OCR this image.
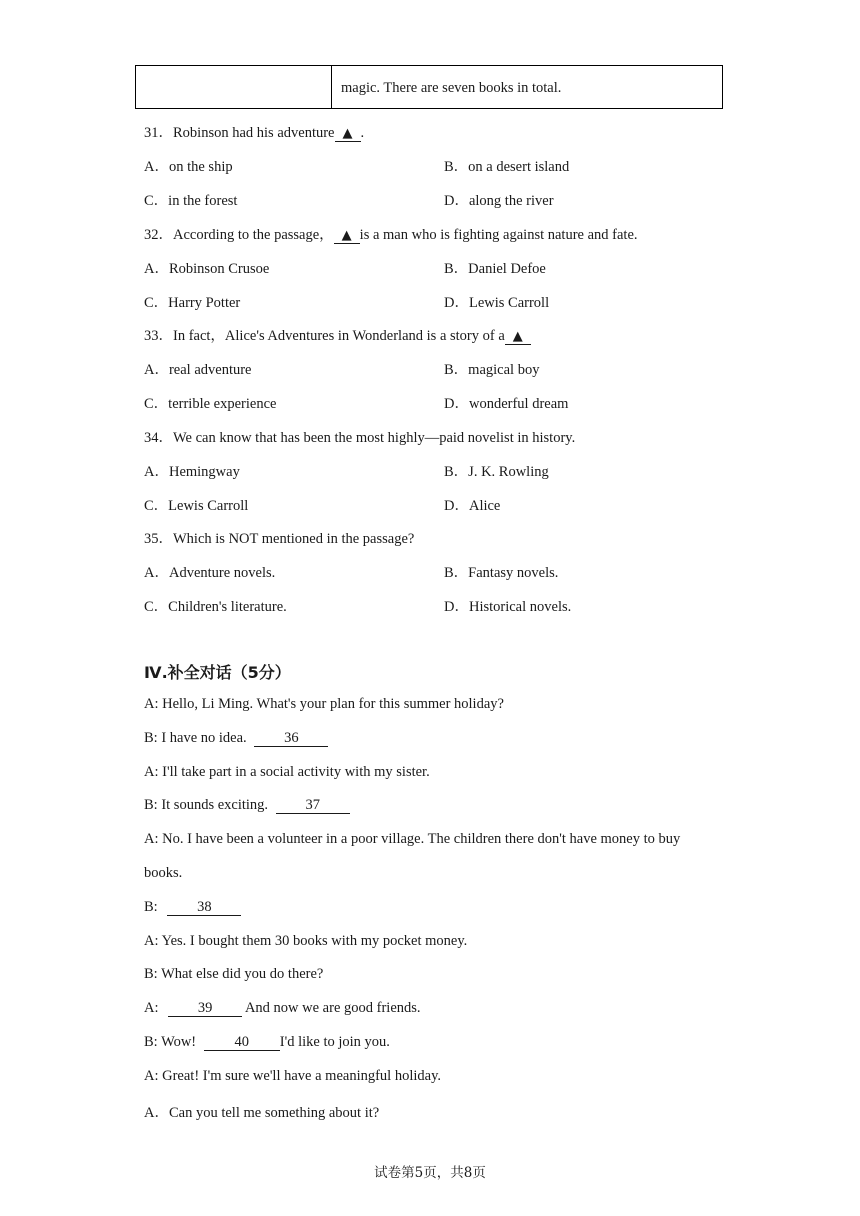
magic. There are seven books in total.
31．Robinson had his adventure ▲ .
A．on the ship	B．on a desert island
C．in the forest	D．along the river
32．According to the passage， ▲ is a man who is fighting against nature and fate.
A．Robinson Crusoe	B．Daniel Defoe
C．Harry Potter	D．Lewis Carroll
33．In fact，Alice's Adventures in Wonderland is a story of a ▲
A．real adventure	B．magical boy
C．terrible experience	D．wonderful dream
34．We can know that has been the most highly—paid novelist in history.
A．Hemingway	B．J. K. Rowling
C．Lewis Carroll	D．Alice
35．Which is NOT mentioned in the passage?
A．Adventure novels.	B．Fantasy novels.
C．Children's literature.	D．Historical novels.
Ⅳ.补全对话（5分）
A: Hello, Li Ming. What's your plan for this summer holiday?
B: I have no idea.	36
A: I'll take part in a social activity with my sister.
B: It sounds exciting.	37
A: No. I have been a volunteer in a poor village. The children there don't have money to buy
books.
B:	38
A: Yes. I bought them 30 books with my pocket money.
B: What else did you do there?
A:	39 And now we are good friends.
B: Wow!	40 I'd like to join you.
A: Great! I'm sure we'll have a meaningful holiday.
A．Can you tell me something about it?
试卷第5页，共8页
